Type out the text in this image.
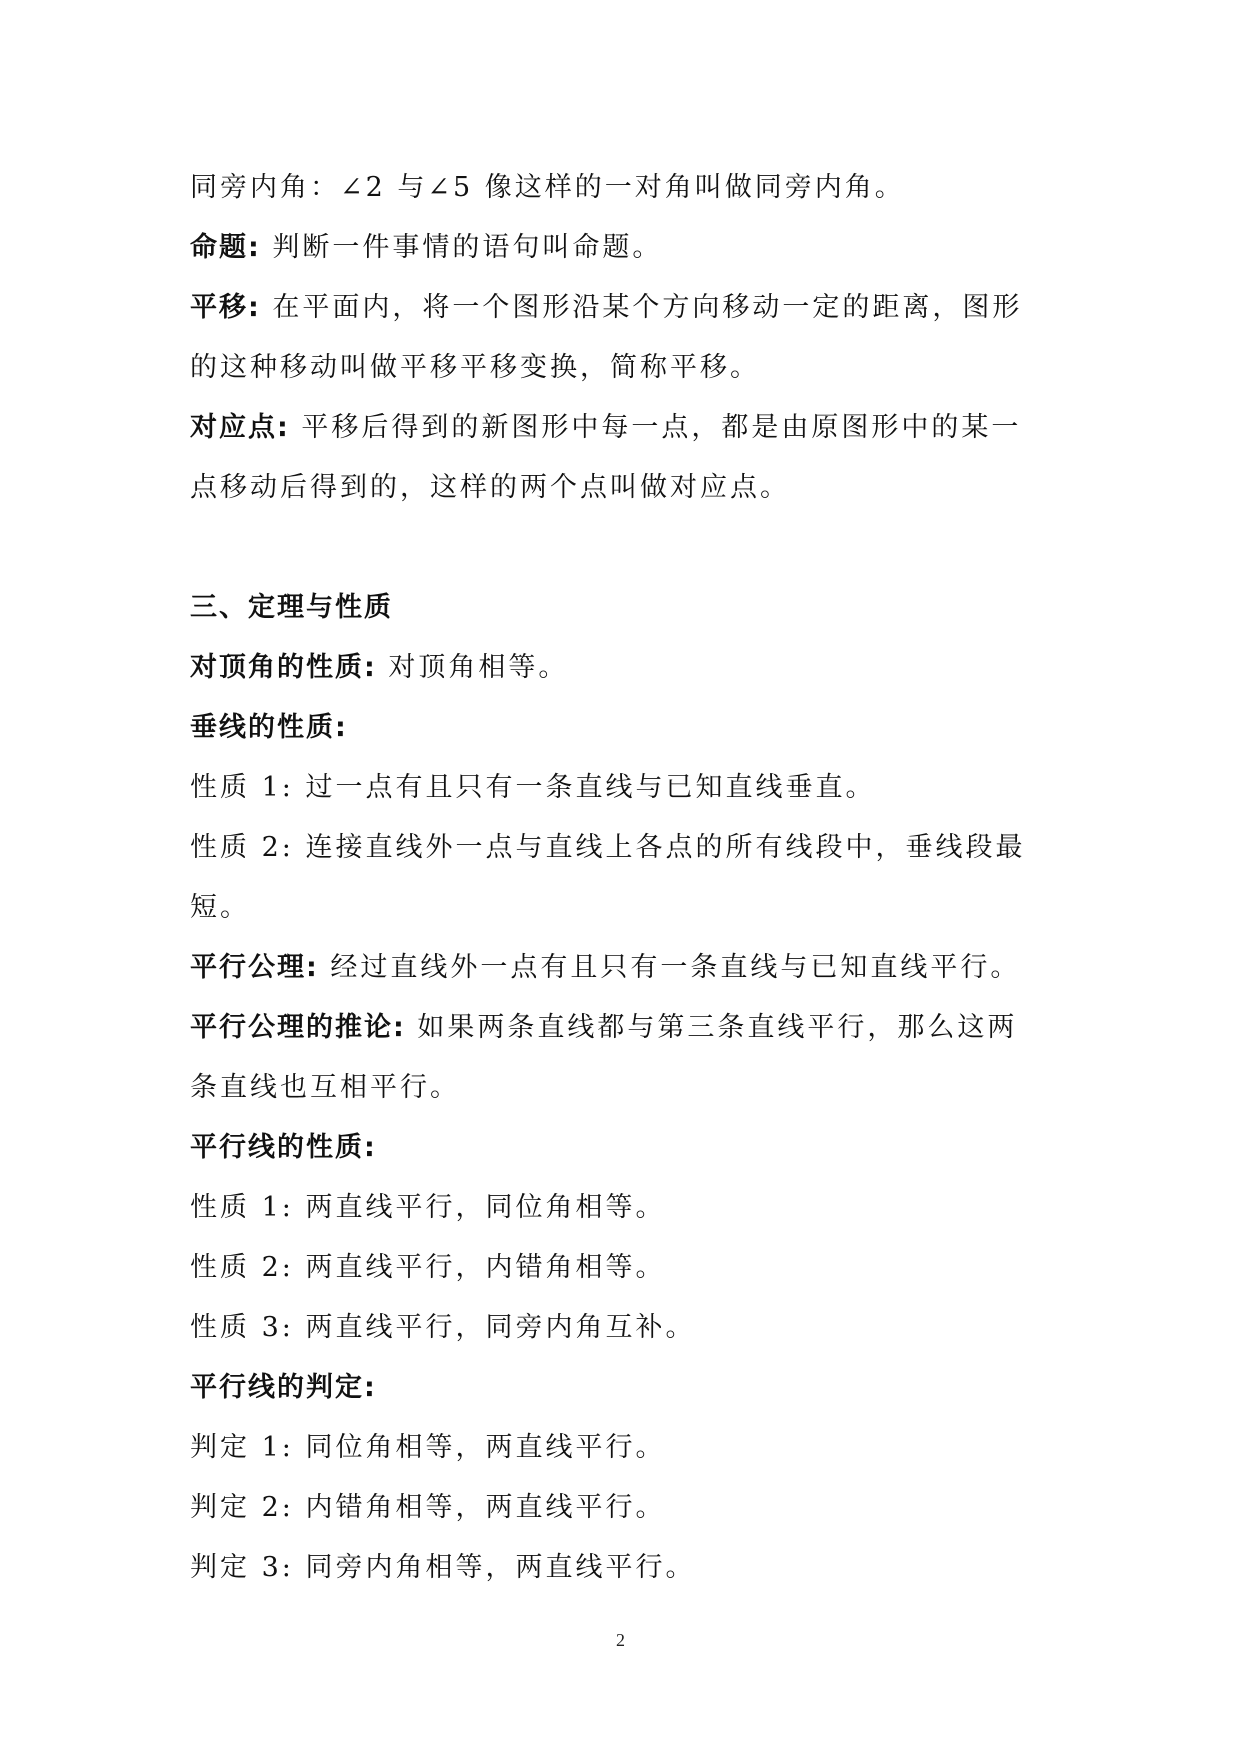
同旁内角：∠2 与∠5 像这样的一对角叫做同旁内角。
命题: 判断一件事情的语句叫命题。
平移: 在平面内，将一个图形沿某个方向移动一定的距离，图形
的这种移动叫做平移平移变换，简称平移。
对应点: 平移后得到的新图形中每一点，都是由原图形中的某一
点移动后得到的，这样的两个点叫做对应点。
三、定理与性质
对顶角的性质: 对顶角相等。
垂线的性质:
性质 1: 过一点有且只有一条直线与已知直线垂直。
性质 2: 连接直线外一点与直线上各点的所有线段中，垂线段最
短。
平行公理: 经过直线外一点有且只有一条直线与已知直线平行。
平行公理的推论: 如果两条直线都与第三条直线平行，那么这两
条直线也互相平行。
平行线的性质:
性质 1: 两直线平行，同位角相等。
性质 2: 两直线平行，内错角相等。
性质 3: 两直线平行，同旁内角互补。
平行线的判定:
判定 1: 同位角相等，两直线平行。
判定 2: 内错角相等，两直线平行。
判定 3: 同旁内角相等，两直线平行。
2
